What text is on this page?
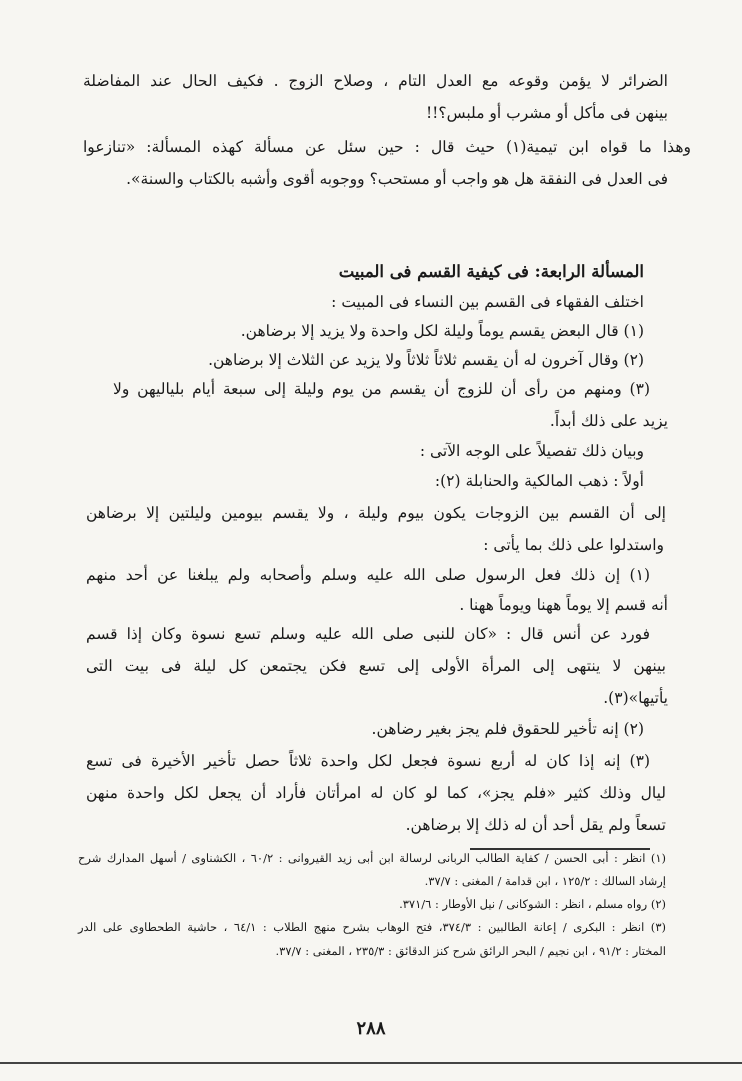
الضرائر لا يؤمن وقوعه مع العدل التام ، وصلاح الزوج . فكيف الحال عند المفاضلة
بينهن فى مأكل أو مشرب أو ملبس؟!!
وهذا ما قواه ابن تيمية(١) حيث قال : حين سئل عن مسألة كهذه المسألة: «تنازعوا
فى العدل فى النفقة هل هو واجب أو مستحب؟ ووجوبه أقوى وأشبه بالكتاب والسنة».
المسألة الرابعة: فى كيفية القسم فى المبيت
اختلف الفقهاء فى القسم بين النساء فى المبيت :
(١) قال البعض يقسم يوماً وليلة لكل واحدة ولا يزيد إلا برضاهن.
(٢) وقال آخرون له أن يقسم ثلاثاً ثلاثاً ولا يزيد عن الثلاث إلا برضاهن.
(٣) ومنهم من رأى أن للزوج أن يقسم من يوم وليلة إلى سبعة أيام بلياليهن ولا
يزيد على ذلك أبداً.
وبيان ذلك تفصيلاً على الوجه الآتى :
أولاً : ذهب المالكية والحنابلة (٢):
إلى أن القسم بين الزوجات يكون بيوم وليلة ، ولا يقسم بيومين وليلتين إلا برضاهن
واستدلوا على ذلك بما يأتى :
(١) إن ذلك فعل الرسول صلى الله عليه وسلم وأصحابه ولم يبلغنا عن أحد منهم
أنه قسم إلا يوماً ههنا ويوماً ههنا .
فورد عن أنس قال : «كان للنبى صلى الله عليه وسلم تسع نسوة وكان إذا قسم
بينهن لا ينتهى إلى المرأة الأولى إلى تسع فكن يجتمعن كل ليلة فى بيت التى
يأتيها»(٣).
(٢) إنه تأخير للحقوق فلم يجز بغير رضاهن.
(٣) إنه إذا كان له أربع نسوة فجعل لكل واحدة ثلاثاً حصل تأخير الأخيرة فى تسع
ليال وذلك كثير «فلم يجز»، كما لو كان له امرأتان فأراد أن يجعل لكل واحدة منهن
تسعاً ولم يقل أحد أن له ذلك إلا برضاهن.
(١) انظر : أبى الحسن / كفاية الطالب الربانى لرسالة ابن أبى زيد القيروانى : ٦٠/٢ ، الكشناوى / أسهل المدارك شرح
إرشاد السالك : ١٢٥/٢ ، ابن قدامة / المغنى : ٣٧/٧.
(٢) رواه مسلم ، انظر : الشوكانى / نيل الأوطار : ٣٧١/٦.
(٣) انظر : البكرى / إعانة الطالبين : ٣٧٤/٣، فتح الوهاب بشرح منهج الطلاب : ٦٤/١ ، حاشية الطحطاوى على الدر
المختار : ٩١/٢ ، ابن نجيم / البحر الرائق شرح كنز الدقائق : ٢٣٥/٣ ، المغنى : ٣٧/٧.
٢٨٨
